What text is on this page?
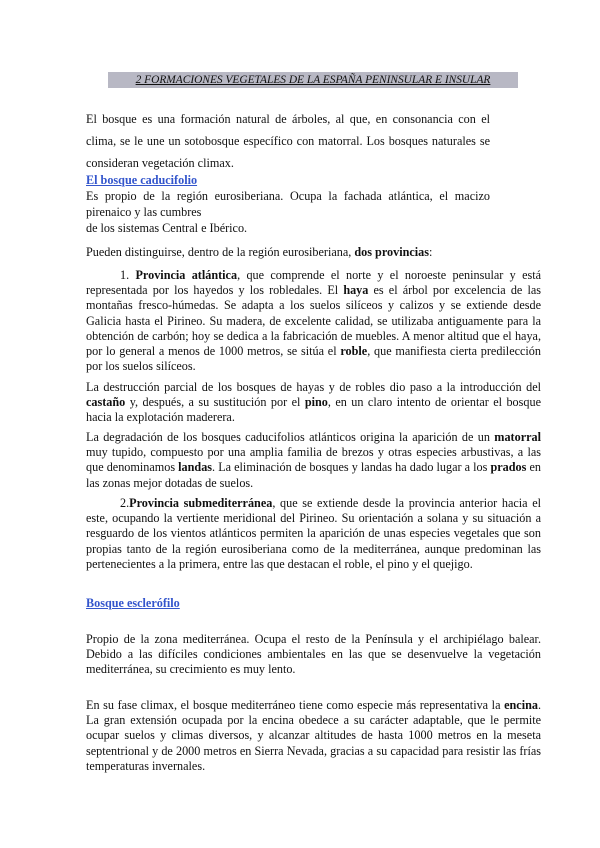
2 FORMACIONES VEGETALES DE LA ESPAÑA PENINSULAR E INSULAR
El bosque es una formación natural de árboles, al que, en consonancia con el
clima, se le une un sotobosque específico con matorral. Los bosques naturales se
consideran vegetación climax.
El bosque caducifolio
Es propio de la región eurosiberiana. Ocupa la fachada atlántica, el macizo
pirenaico y las cumbres
de los sistemas Central e Ibérico.
Pueden distinguirse, dentro de la región eurosiberiana, dos provincias:
1. Provincia atlántica, que comprende el norte y el noroeste peninsular y está representada por los hayedos y los robledales. El haya es el árbol por excelencia de las montañas fresco-húmedas. Se adapta a los suelos silíceos y calizos y se extiende desde Galicia hasta el Pirineo. Su madera, de excelente calidad, se utilizaba antiguamente para la obtención de carbón; hoy se dedica a la fabricación de muebles. A menor altitud que el haya, por lo general a menos de 1000 metros, se sitúa el roble, que manifiesta cierta predilección por los suelos silíceos.
La destrucción parcial de los bosques de hayas y de robles dio paso a la introducción del castaño y, después, a su sustitución por el pino, en un claro intento de orientar el bosque hacia la explotación maderera.
La degradación de los bosques caducifolios atlánticos origina la aparición de un matorral muy tupido, compuesto por una amplia familia de brezos y otras especies arbustivas, a las que denominamos landas. La eliminación de bosques y landas ha dado lugar a los prados en las zonas mejor dotadas de suelos.
2.Provincia submediterránea, que se extiende desde la provincia anterior hacia el este, ocupando la vertiente meridional del Pirineo. Su orientación a solana y su situación a resguardo de los vientos atlánticos permiten la aparición de unas especies vegetales que son propias tanto de la región eurosiberiana como de la mediterránea, aunque predominan las pertenecientes a la primera, entre las que destacan el roble, el pino y el quejigo.
Bosque esclerófilo
Propio de la zona mediterránea. Ocupa el resto de la Península y el archipiélago balear. Debido a las difíciles condiciones ambientales en las que se desenvuelve la vegetación mediterránea, su crecimiento es muy lento.
En su fase climax, el bosque mediterráneo tiene como especie más representativa la encina. La gran extensión ocupada por la encina obedece a su carácter adaptable, que le permite ocupar suelos y climas diversos, y alcanzar altitudes de hasta 1000 metros en la meseta septentrional y de 2000 metros en Sierra Nevada, gracias a su capacidad para resistir las frías temperaturas invernales.
